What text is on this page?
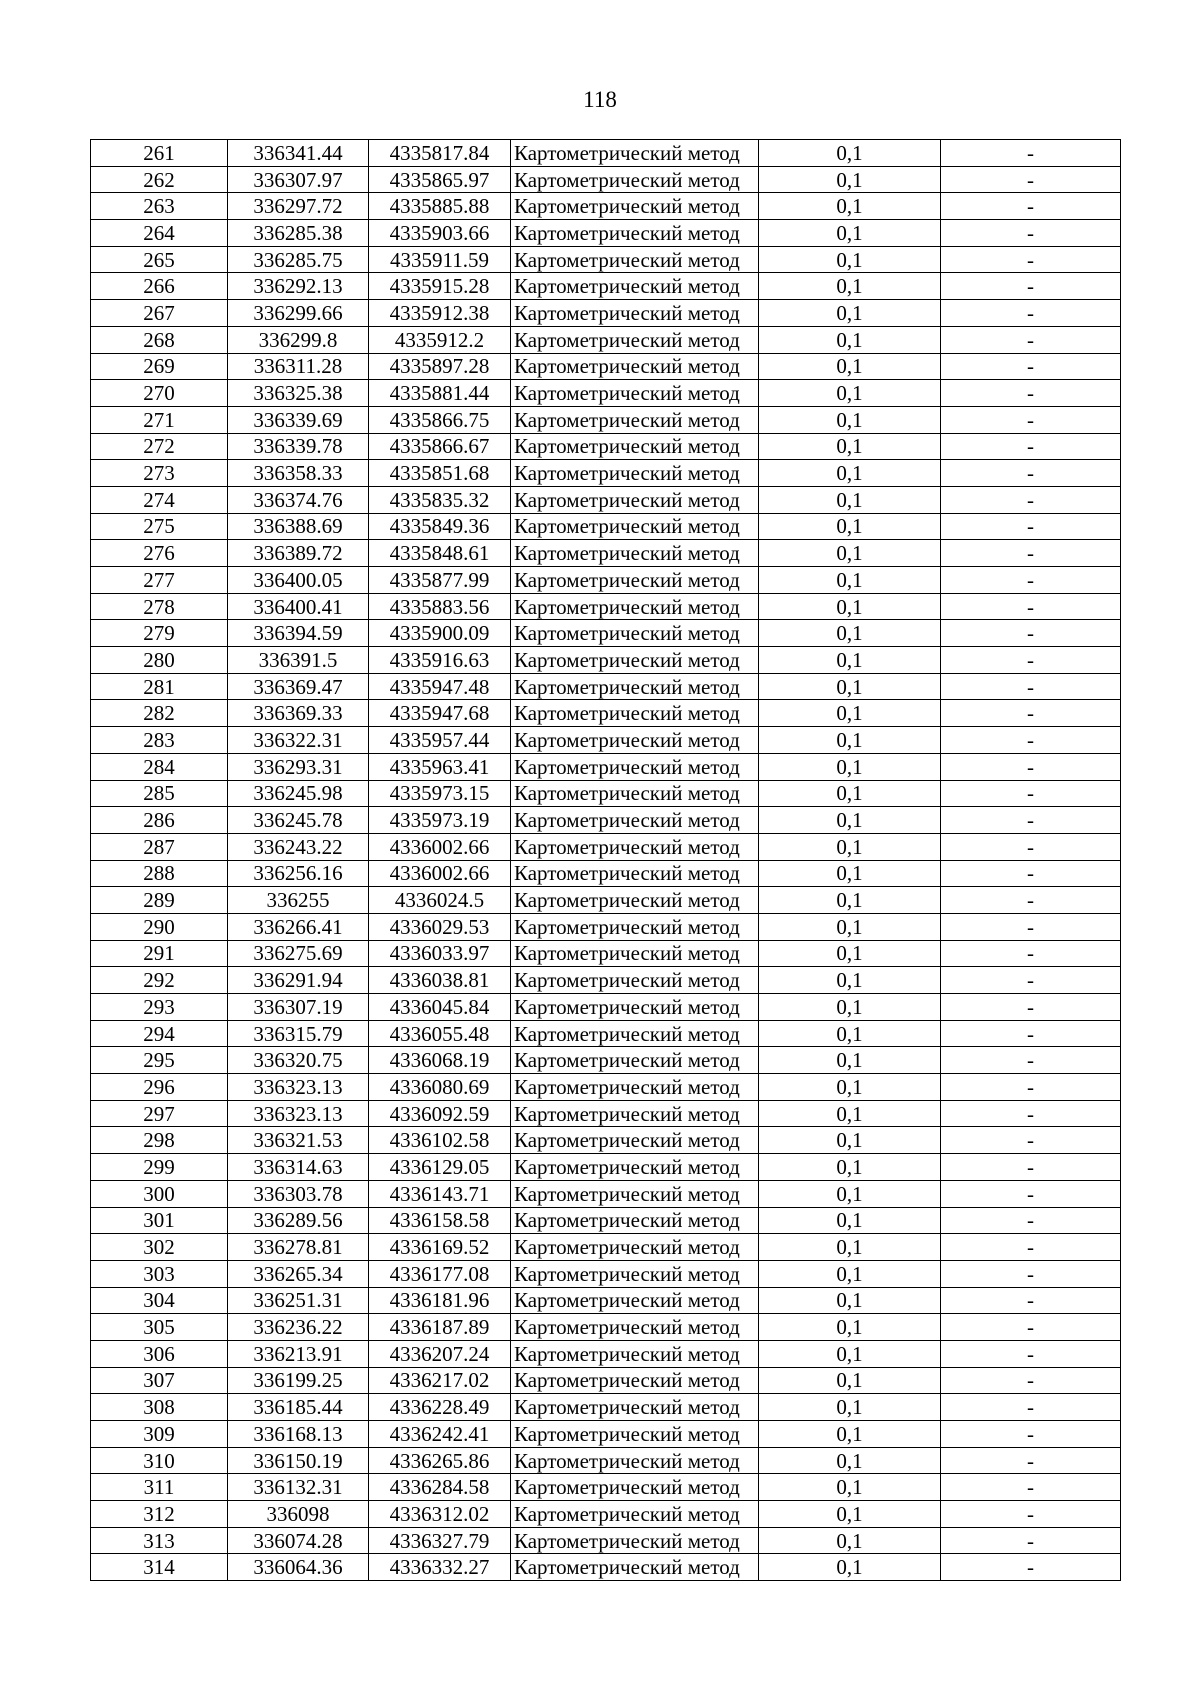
118
261	336341.44	4335817.84	Картометрический метод	0,1	-
262	336307.97	4335865.97	Картометрический метод	0,1	-
263	336297.72	4335885.88	Картометрический метод	0,1	-
264	336285.38	4335903.66	Картометрический метод	0,1	-
265	336285.75	4335911.59	Картометрический метод	0,1	-
266	336292.13	4335915.28	Картометрический метод	0,1	-
267	336299.66	4335912.38	Картометрический метод	0,1	-
268	336299.8	4335912.2	Картометрический метод	0,1	-
269	336311.28	4335897.28	Картометрический метод	0,1	-
270	336325.38	4335881.44	Картометрический метод	0,1	-
271	336339.69	4335866.75	Картометрический метод	0,1	-
272	336339.78	4335866.67	Картометрический метод	0,1	-
273	336358.33	4335851.68	Картометрический метод	0,1	-
274	336374.76	4335835.32	Картометрический метод	0,1	-
275	336388.69	4335849.36	Картометрический метод	0,1	-
276	336389.72	4335848.61	Картометрический метод	0,1	-
277	336400.05	4335877.99	Картометрический метод	0,1	-
278	336400.41	4335883.56	Картометрический метод	0,1	-
279	336394.59	4335900.09	Картометрический метод	0,1	-
280	336391.5	4335916.63	Картометрический метод	0,1	-
281	336369.47	4335947.48	Картометрический метод	0,1	-
282	336369.33	4335947.68	Картометрический метод	0,1	-
283	336322.31	4335957.44	Картометрический метод	0,1	-
284	336293.31	4335963.41	Картометрический метод	0,1	-
285	336245.98	4335973.15	Картометрический метод	0,1	-
286	336245.78	4335973.19	Картометрический метод	0,1	-
287	336243.22	4336002.66	Картометрический метод	0,1	-
288	336256.16	4336002.66	Картометрический метод	0,1	-
289	336255	4336024.5	Картометрический метод	0,1	-
290	336266.41	4336029.53	Картометрический метод	0,1	-
291	336275.69	4336033.97	Картометрический метод	0,1	-
292	336291.94	4336038.81	Картометрический метод	0,1	-
293	336307.19	4336045.84	Картометрический метод	0,1	-
294	336315.79	4336055.48	Картометрический метод	0,1	-
295	336320.75	4336068.19	Картометрический метод	0,1	-
296	336323.13	4336080.69	Картометрический метод	0,1	-
297	336323.13	4336092.59	Картометрический метод	0,1	-
298	336321.53	4336102.58	Картометрический метод	0,1	-
299	336314.63	4336129.05	Картометрический метод	0,1	-
300	336303.78	4336143.71	Картометрический метод	0,1	-
301	336289.56	4336158.58	Картометрический метод	0,1	-
302	336278.81	4336169.52	Картометрический метод	0,1	-
303	336265.34	4336177.08	Картометрический метод	0,1	-
304	336251.31	4336181.96	Картометрический метод	0,1	-
305	336236.22	4336187.89	Картометрический метод	0,1	-
306	336213.91	4336207.24	Картометрический метод	0,1	-
307	336199.25	4336217.02	Картометрический метод	0,1	-
308	336185.44	4336228.49	Картометрический метод	0,1	-
309	336168.13	4336242.41	Картометрический метод	0,1	-
310	336150.19	4336265.86	Картометрический метод	0,1	-
311	336132.31	4336284.58	Картометрический метод	0,1	-
312	336098	4336312.02	Картометрический метод	0,1	-
313	336074.28	4336327.79	Картометрический метод	0,1	-
314	336064.36	4336332.27	Картометрический метод	0,1	-
